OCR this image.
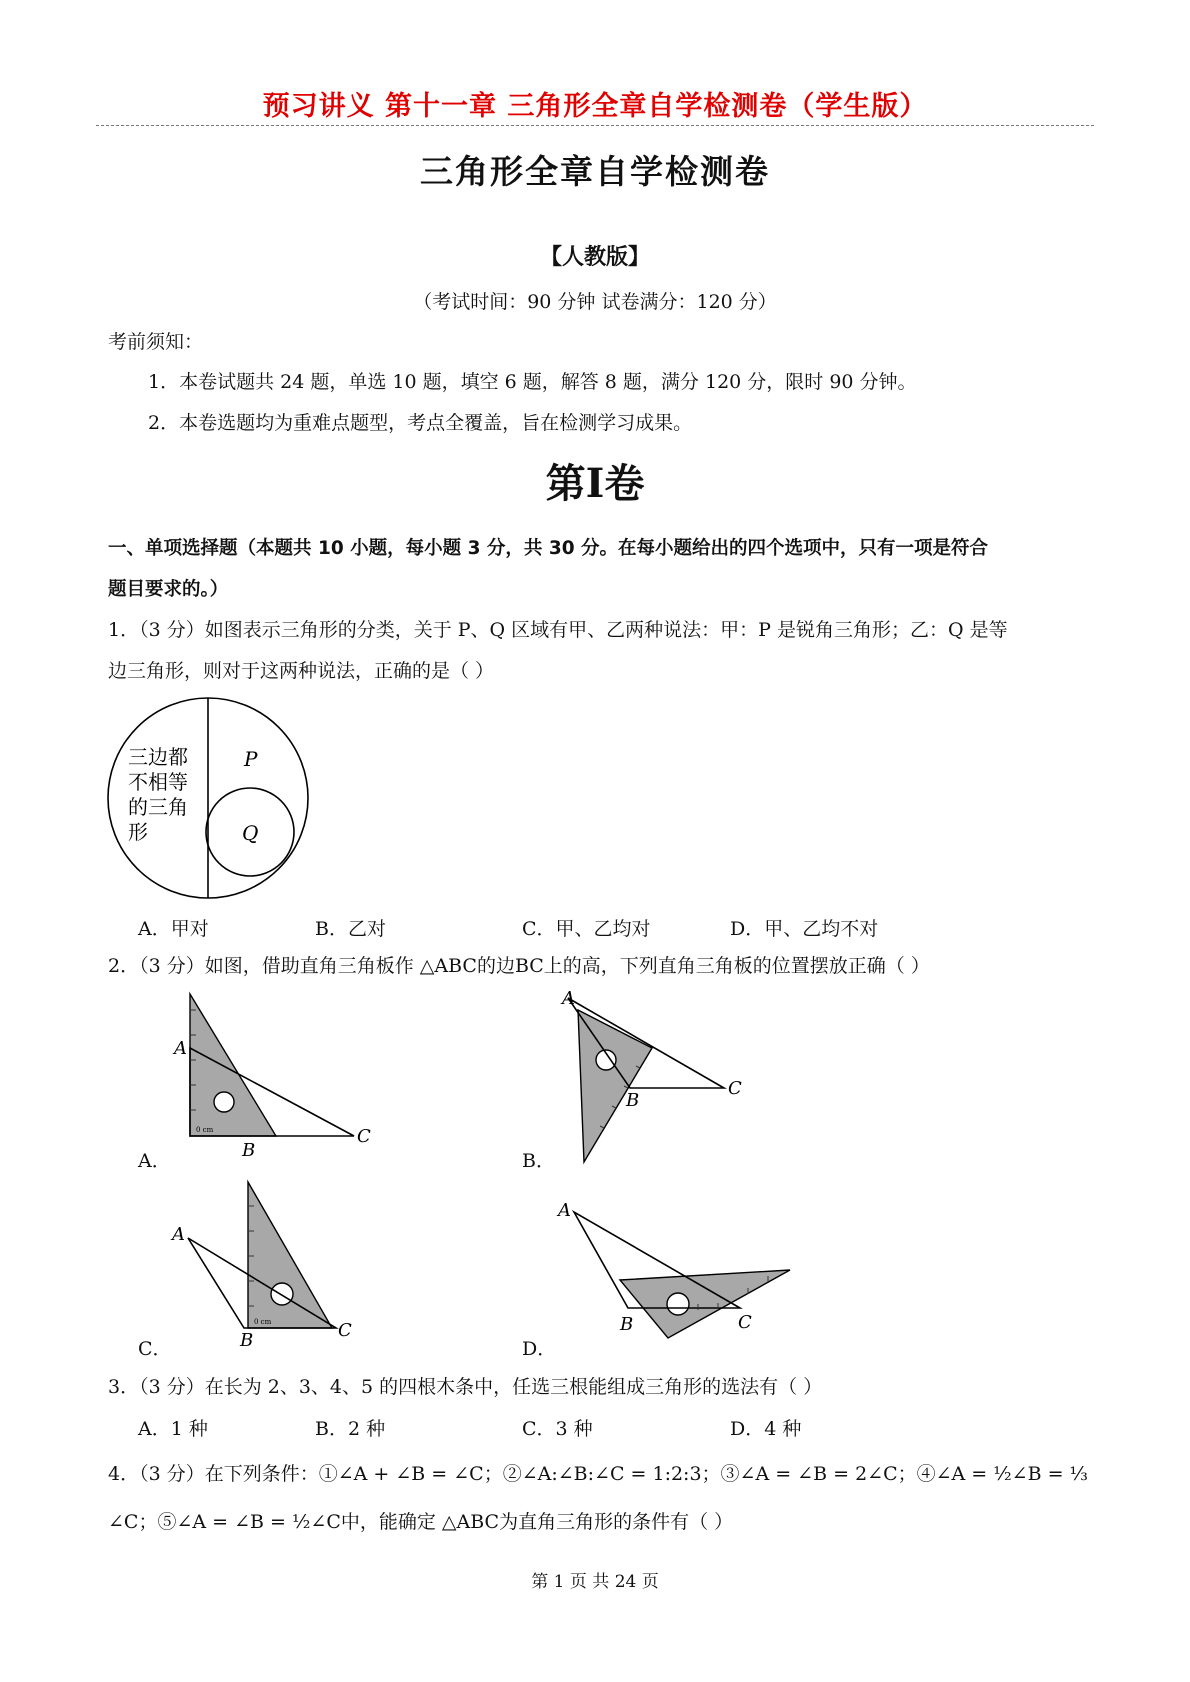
预习讲义 第十一章 三角形全章自学检测卷（学生版）
三角形全章自学检测卷
【人教版】
（考试时间：90 分钟 试卷满分：120 分）
考前须知：
1．本卷试题共 24 题，单选 10 题，填空 6 题，解答 8 题，满分 120 分，限时 90 分钟。
2．本卷选题均为重难点题型，考点全覆盖，旨在检测学习成果。
第I卷
一、单项选择题（本题共 10 小题，每小题 3 分，共 30 分。在每小题给出的四个选项中，只有一项是符合
题目要求的。）
1．（3 分）如图表示三角形的分类，关于 P、Q 区域有甲、乙两种说法：甲：P 是锐角三角形；乙：Q 是等
边三角形，则对于这两种说法，正确的是（ ）
三边都
不相等
的三角
形
P
Q
A．甲对	B．乙对	C．甲、乙均对	D．甲、乙均不对
2．（3 分）如图，借助直角三角板作 △ABC的边BC上的高，下列直角三角板的位置摆放正确（ ）
0 cm
A
B
C
A．
A
B
C
B．
0 cm
A
B	C
C．
A
B	C
D．
3．（3 分）在长为 2、3、4、5 的四根木条中，任选三根能组成三角形的选法有（ ）
A．1 种	B．2 种	C．3 种	D．4 种
4．（3 分）在下列条件：①∠A + ∠B = ∠C；②∠A:∠B:∠C = 1:2:3；③∠A = ∠B = 2∠C；④∠A = ½∠B = ⅓
∠C；⑤∠A = ∠B = ½∠C中，能确定 △ABC为直角三角形的条件有（ ）
第 1 页 共 24 页
